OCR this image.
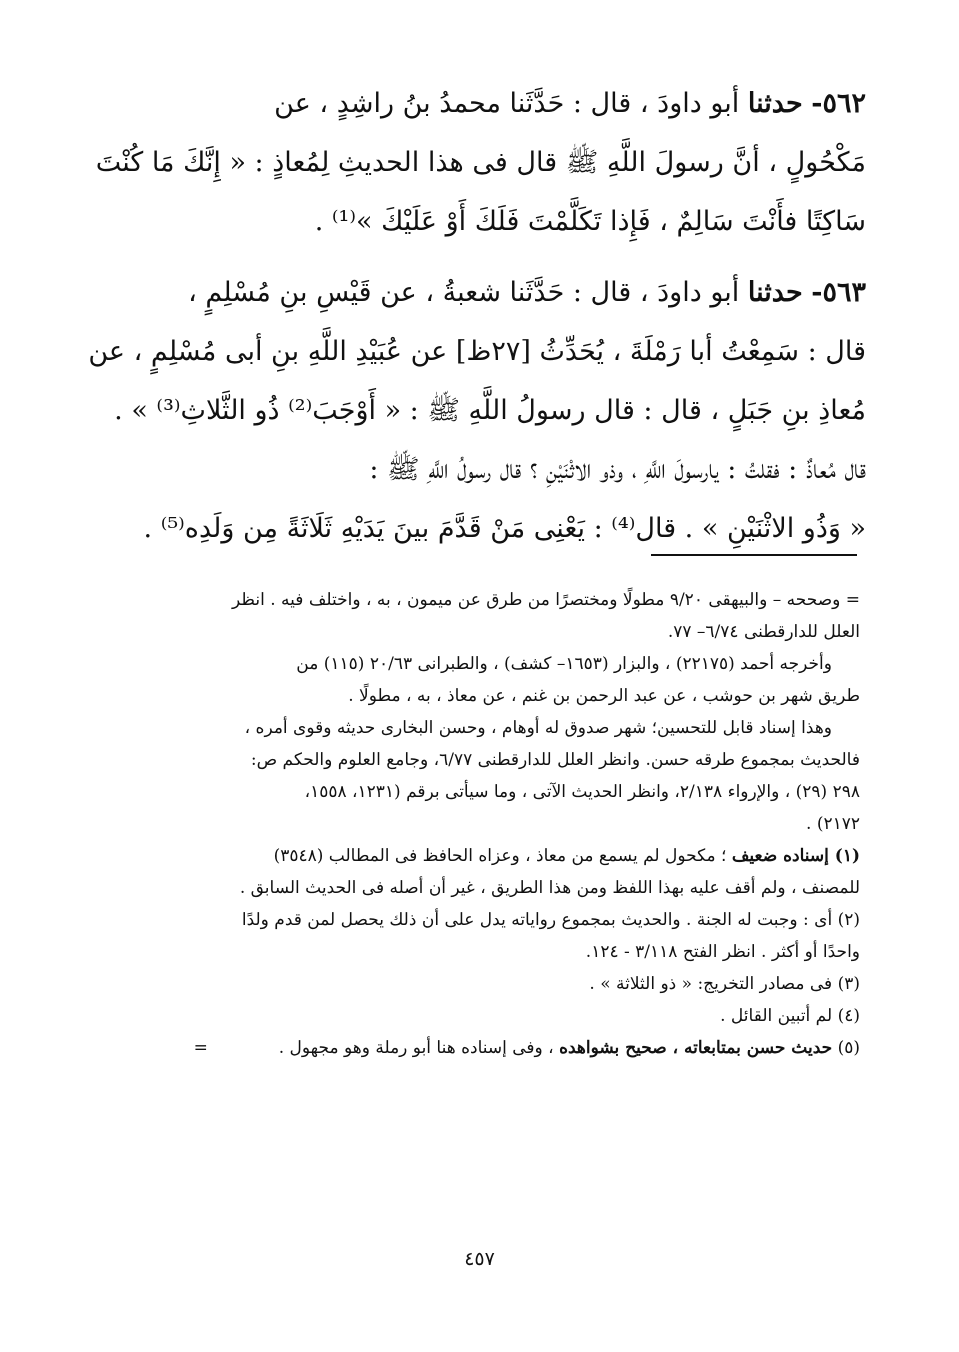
٥٦٢- حدثنا أبو داودَ ، قال : حَدَّثَنا محمدُ بنُ راشِدٍ ، عن
مَكْحُولٍ ، أنَّ رسولَ اللَّهِ ﷺ قال فى هذا الحديثِ لِمُعاذٍ : « إِنَّكَ مَا كُنْتَ
سَاكِتًا فأَنْتَ سَالِمٌ ، فَإِذا تَكَلَّمْتَ فَلَكَ أَوْ عَلَيْكَ »⁽¹⁾ .
٥٦٣- حدثنا أبو داودَ ، قال : حَدَّثَنا شعبةُ ، عن قَيْسِ بنِ مُسْلِمٍ ،
قال : سَمِعْتُ أبا رَمْلَةَ ، يُحَدِّثُ [٢٧ظ] عن عُبَيْدِ اللَّهِ بنِ أبى مُسْلِمٍ ، عن
مُعاذِ بنِ جَبَلٍ ، قال : قال رسولُ اللَّهِ ﷺ : « أَوْجَبَ⁽²⁾ ذُو الثَّلاثِ⁽³⁾ » .
قال مُعاذٌ : فقلتُ : يارسولَ اللَّهِ ، وذو الاثْنَيْنِ ؟ قال رسولُ اللَّهِ ﷺ :
« وَذُو الاثْنَيْنِ » . قال⁽⁴⁾ : يَعْنِى مَنْ قَدَّمَ بينَ يَدَيْهِ ثَلَاثَةً مِن وَلَدِه⁽⁵⁾ .
= وصححه – والبيهقى ٩/٢٠ مطولًا ومختصرًا من طرق عن ميمون ، به ، واختلف فيه . انظر
العلل للدارقطنى ٦/٧٤– ٧٧.
وأخرجه أحمد (٢٢١٧٥) ، والبزار (١٦٥٣– كشف) ، والطبرانى ٢٠/٦٣ (١١٥) من
طريق شهر بن حوشب ، عن عبد الرحمن بن غنم ، عن معاذ ، به ، مطولًا .
وهذا إسناد قابل للتحسين؛ شهر صدوق له أوهام ، وحسن البخارى حديثه وقوى أمره ،
فالحديث بمجموع طرقه حسن. وانظر العلل للدارقطنى ٦/٧٧، وجامع العلوم والحكم ص:
٢٩٨ (٢٩) ، والإرواء ٢/١٣٨، وانظر الحديث الآتى ، وما سيأتى برقم (١٢٣١، ١٥٥٨،
٢١٧٢) .
(١) إسناده ضعيف ؛ مكحول لم يسمع من معاذ ، وعزاه الحافظ فى المطالب (٣٥٤٨)
للمصنف ، ولم أقف عليه بهذا اللفظ ومن هذا الطريق ، غير أن أصله فى الحديث السابق .
(٢) أى : وجبت له الجنة . والحديث بمجموع رواياته يدل على أن ذلك يحصل لمن قدم ولدًا
واحدًا أو أكثر . انظر الفتح ٣/١١٨ - ١٢٤.
(٣) فى مصادر التخريج: « ذو الثلاثة » .
(٤) لم أتبين القائل .
(٥) حديث حسن بمتابعاته ، صحيح بشواهده ، وفى إسناده هنا أبو رملة وهو مجهول .  =
٤٥٧
